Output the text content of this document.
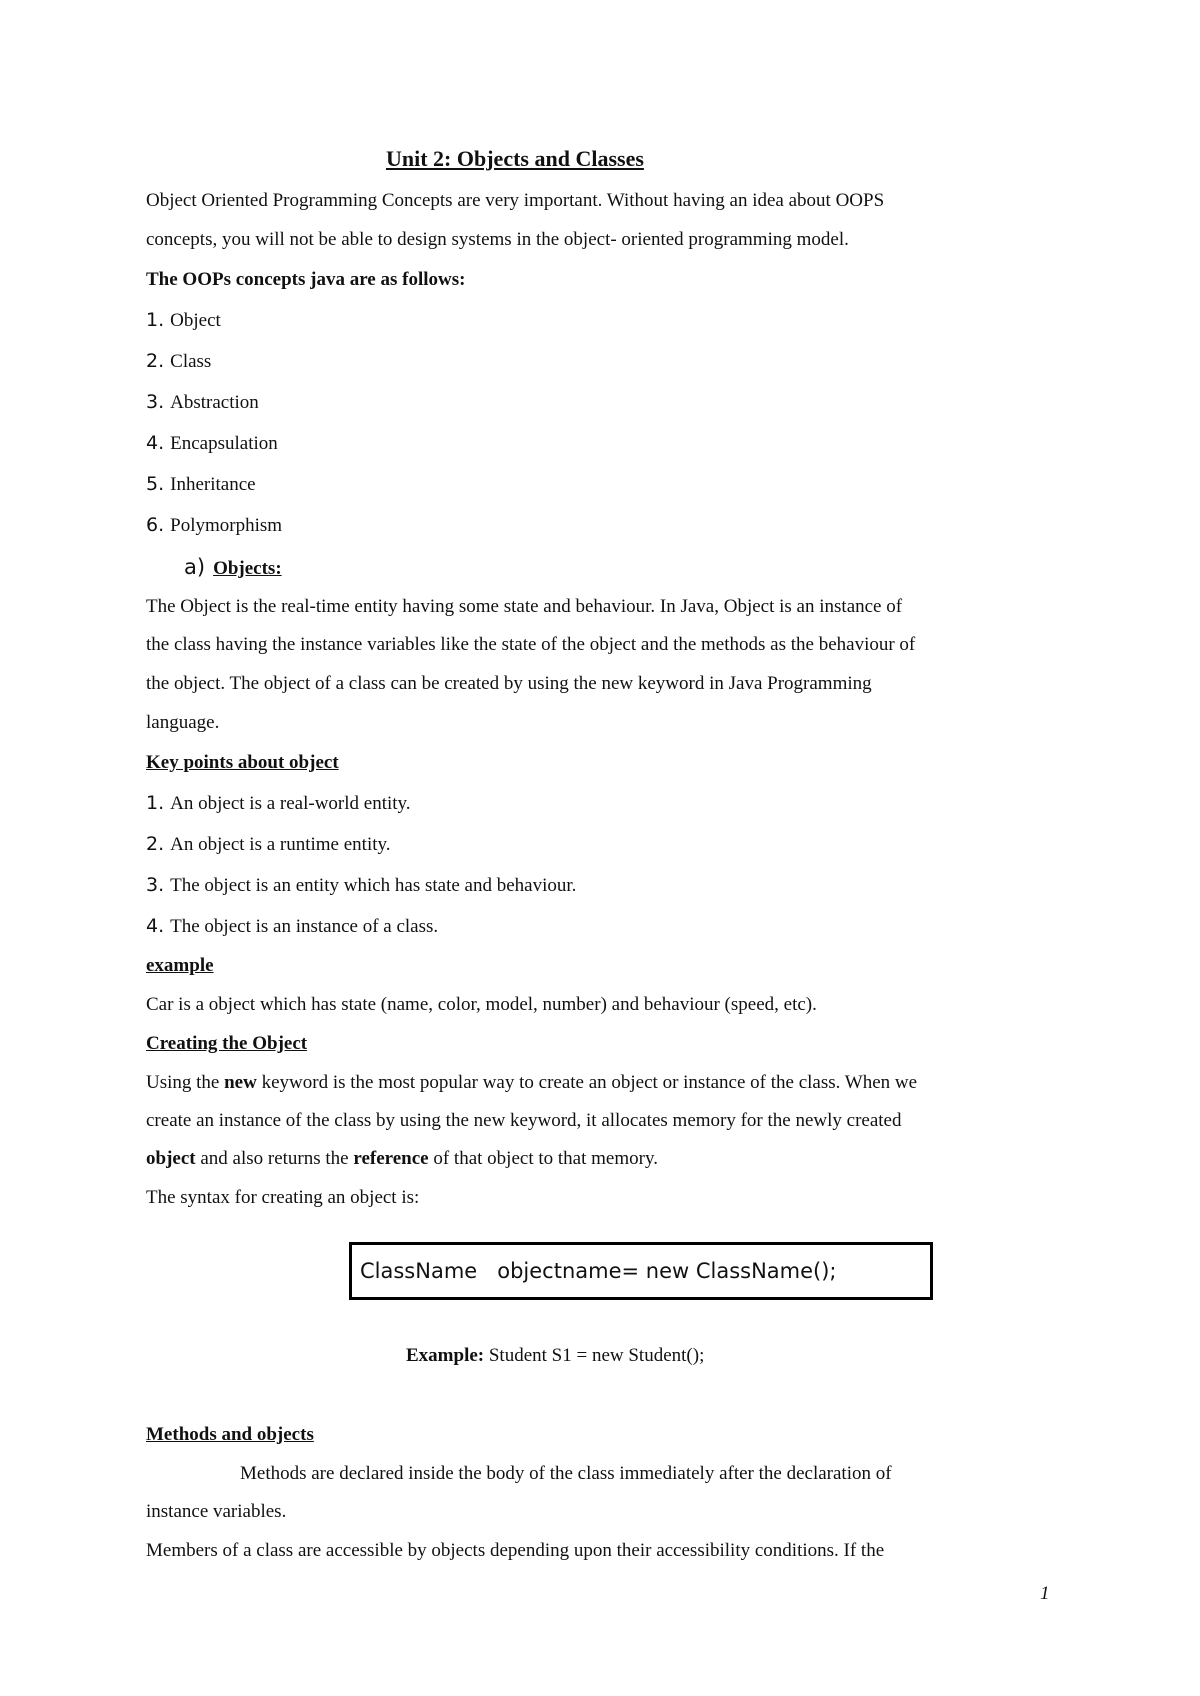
Unit 2: Objects and Classes
Object Oriented Programming Concepts are very important. Without having an idea about OOPS
concepts, you will not be able to design systems in the object- oriented programming model.
The OOPs concepts java are as follows:
1. Object
2. Class
3. Abstraction
4. Encapsulation
5. Inheritance
6. Polymorphism
a) Objects:
The Object is the real-time entity having some state and behaviour. In Java, Object is an instance of
the class having the instance variables like the state of the object and the methods as the behaviour of
the object. The object of a class can be created by using the new keyword in Java Programming
language.
Key points about object
1. An object is a real-world entity.
2. An object is a runtime entity.
3. The object is an entity which has state and behaviour.
4. The object is an instance of a class.
example
Car is a object which has state (name, color, model, number) and behaviour (speed, etc).
Creating the Object
Using the new keyword is the most popular way to create an object or instance of the class. When we
create an instance of the class by using the new keyword, it allocates memory for the newly created
object and also returns the reference of that object to that memory.
The syntax for creating an object is:
ClassName   objectname= new ClassName();
Example: Student S1 = new Student();
Methods and objects
Methods are declared inside the body of the class immediately after the declaration of
instance variables.
Members of a class are accessible by objects depending upon their accessibility conditions. If the
1
